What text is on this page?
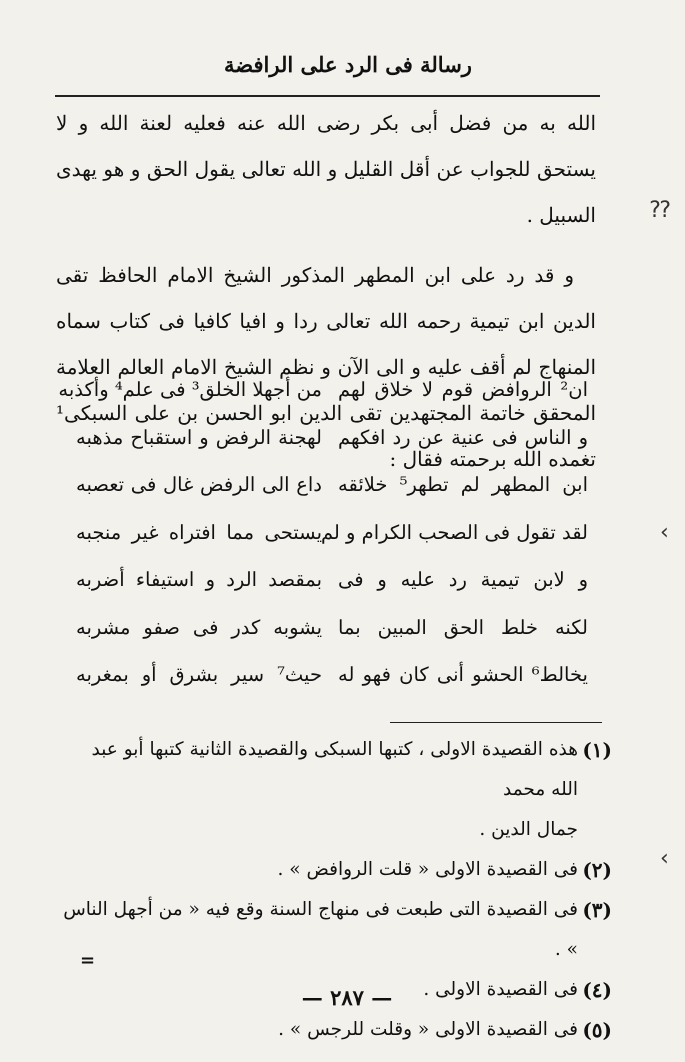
رسالة فى الرد على الرافضة

الله به من فضل أبى بكر رضى الله عنه فعليه لعنة الله و لا يستحق للجواب عن أقل القليل و الله تعالى يقول الحق و هو يهدى السبيل .

و قد رد على ابن المطهر المذكور الشيخ الامام الحافظ تقى الدين ابن تيمية رحمه الله تعالى ردا و افيا كافيا فى كتاب سماه المنهاج لم أقف عليه و الى الآن و نظم الشيخ الامام العالم العلامة المحقق خاتمة المجتهدين تقى الدين ابو الحسن بن على السبكى¹ تغمده الله برحمته فقال :

ان² الروافض قوم لا خلاق لهم
من أجهلا الخلق³ فى علم⁴ وأكذبه
و الناس فى عنية عن رد افكهم
لهجنة الرفض و استقباح مذهبه
ابن المطهر لم تطهر⁵ خلائقه
داع الى الرفض غال فى تعصبه
لقد تقول فى الصحب الكرام و لم
يستحى مما افتراه غير منجبه
و لابن تيمية رد عليه و فى
بمقصد الرد و استيفاء أضربه
لكنه خلط الحق المبين بما
يشوبه كدر فى صفو مشربه
يخالط⁶ الحشو أنى كان فهو له
حيث⁷ سير بشرق أو بمغربه
(١)
هذه القصيدة الاولى ، كتبها السبكى والقصيدة الثانية كتبها أبو عبد الله محمد
جمال الدين .
(٢)
فى القصيدة الاولى « قلت الروافض » .
(٣)
فى القصيدة التى طبعت فى منهاج السنة وقع فيه « من أجهل الناس » .
(٤)
فى القصيدة الاولى .
(٥)
فى القصيدة الاولى « وقلت للرجس » .
=
— ٢٨٧ —
⁇
‹
‹
